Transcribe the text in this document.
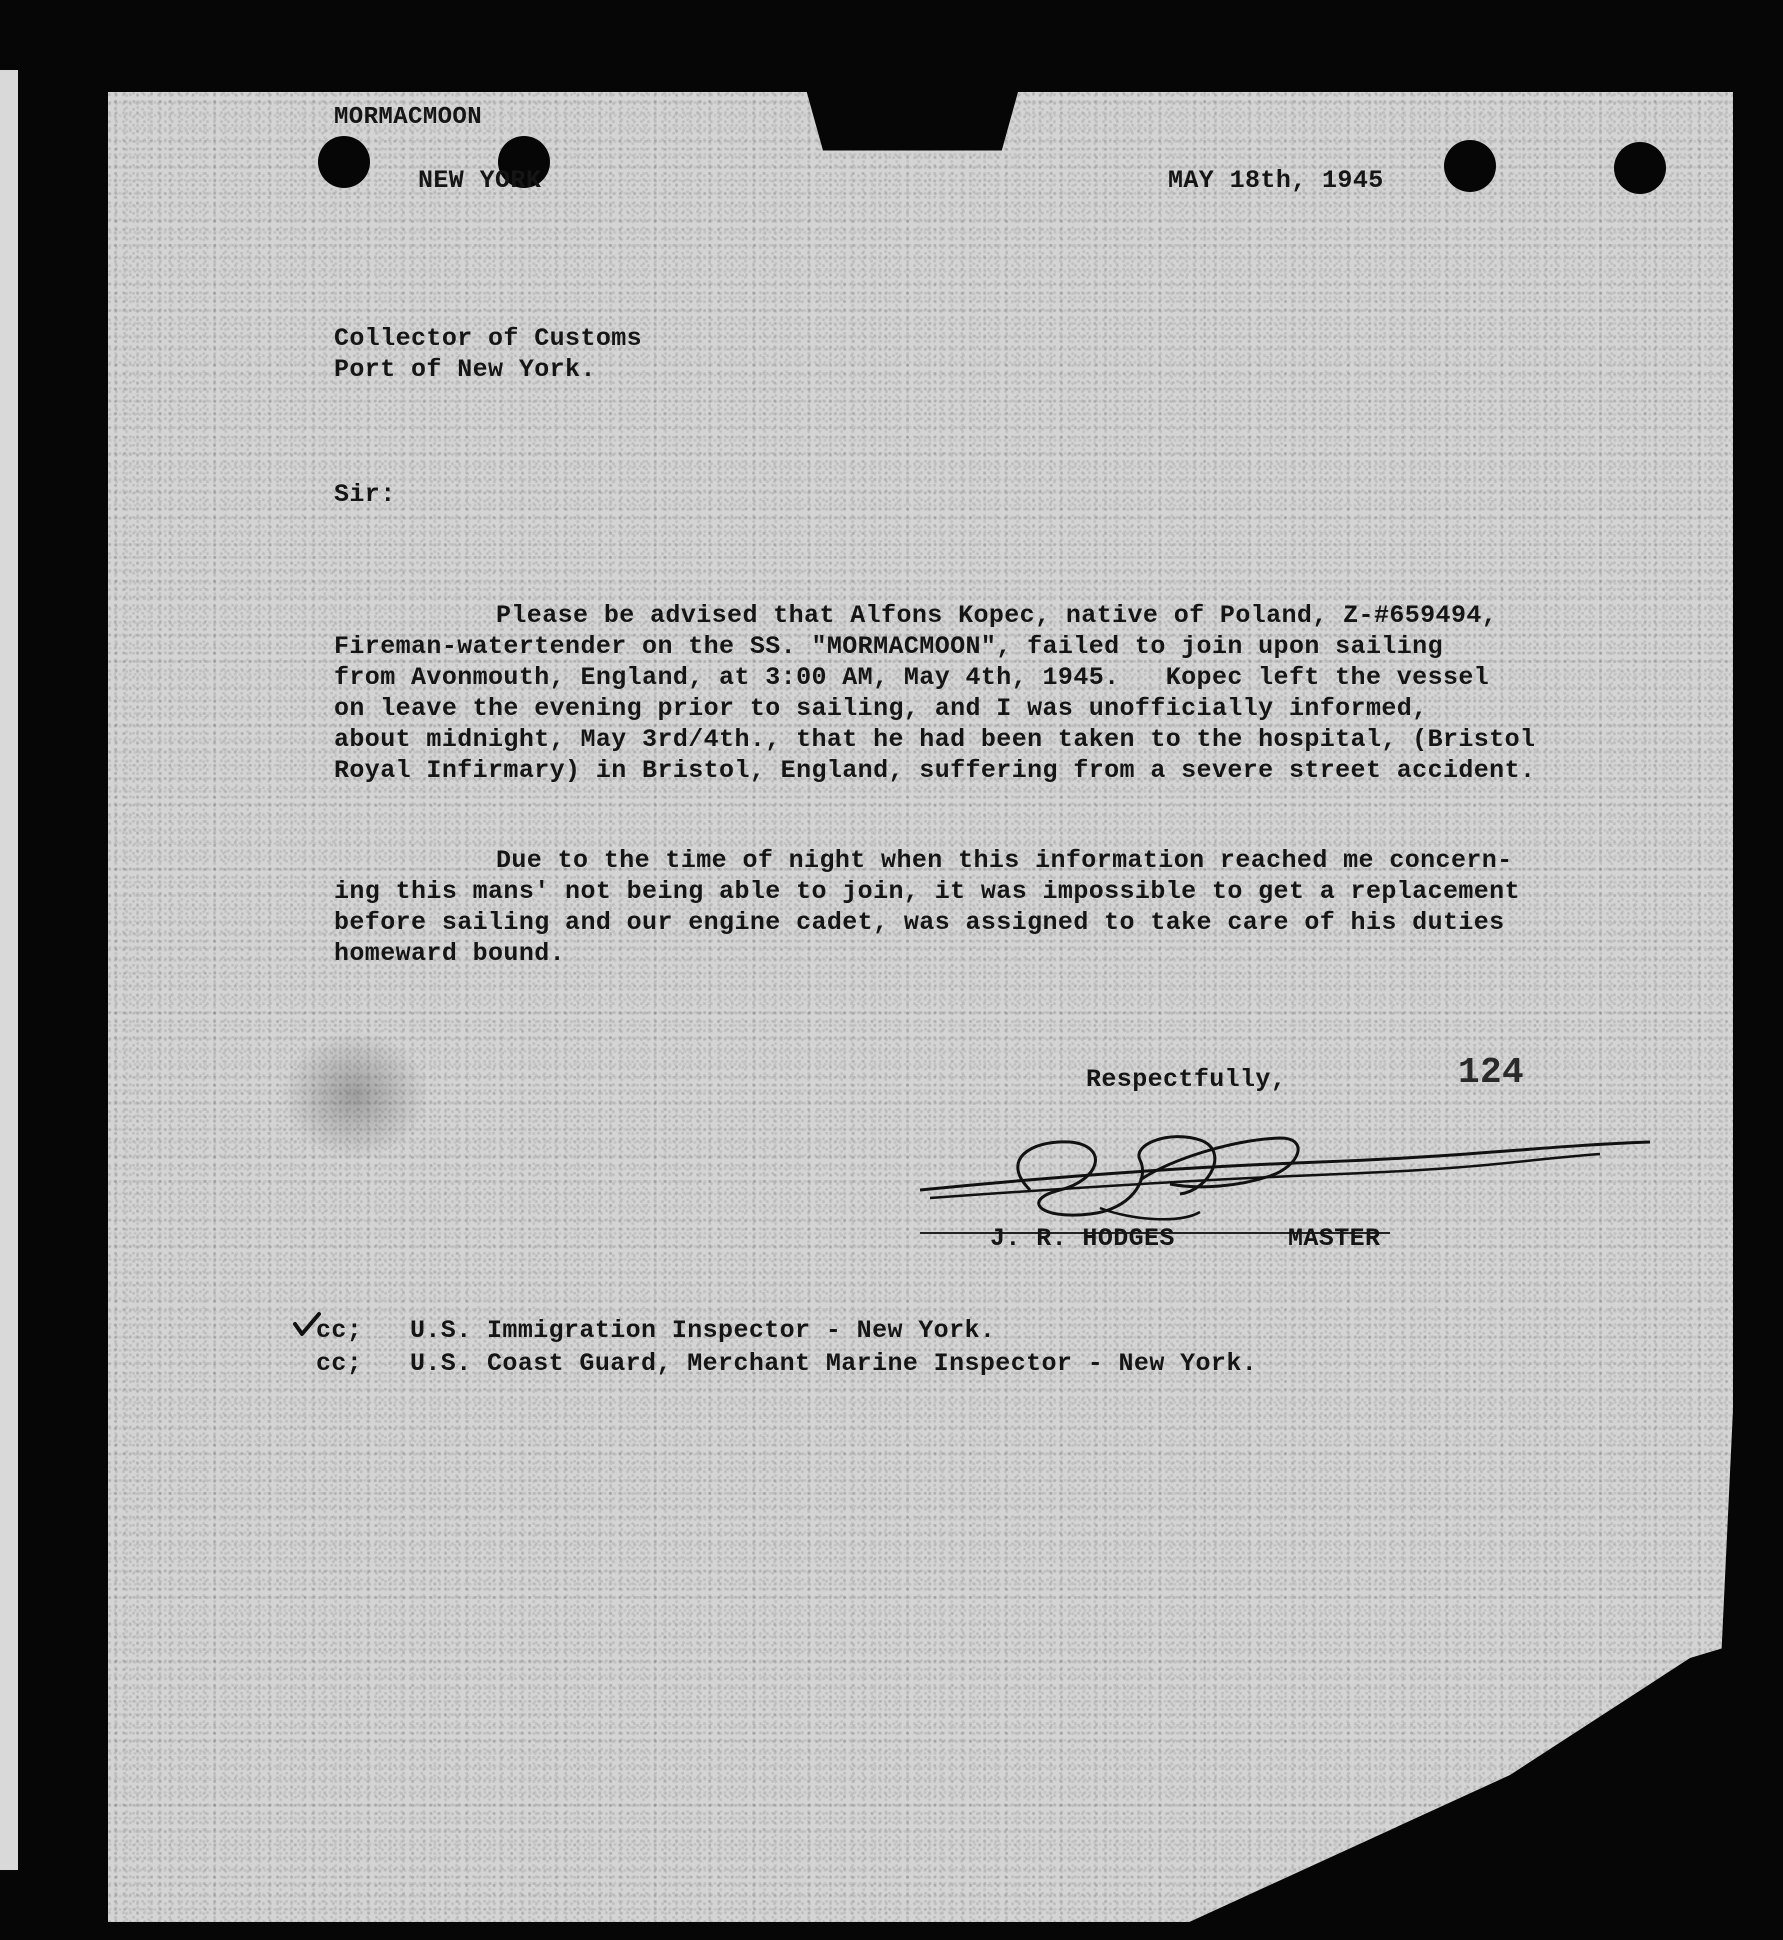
MORMACMOON

NEW YORK	MAY 18th, 1945

Collector of Customs

Port of New York.

Sir:

Please be advised that Alfons Kopec, native of Poland, Z-#659494,

Fireman-watertender on the SS. "MORMACMOON", failed to join upon sailing

from Avonmouth, England, at 3:00 AM, May 4th, 1945.   Kopec left the vessel

on leave the evening prior to sailing, and I was unofficially informed,

about midnight, May 3rd/4th., that he had been taken to the hospital, (Bristol

Royal Infirmary) in Bristol, England, suffering from a severe street accident.

Due to the time of night when this information reached me concern-

ing this mans' not being able to join, it was impossible to get a replacement

before sailing and our engine cadet, was assigned to take care of his duties

homeward bound.

Respectfully,	124

J. R. HODGES	MASTER

cc; U.S. Immigration Inspector - New York.

cc; U.S. Coast Guard, Merchant Marine Inspector - New York.
